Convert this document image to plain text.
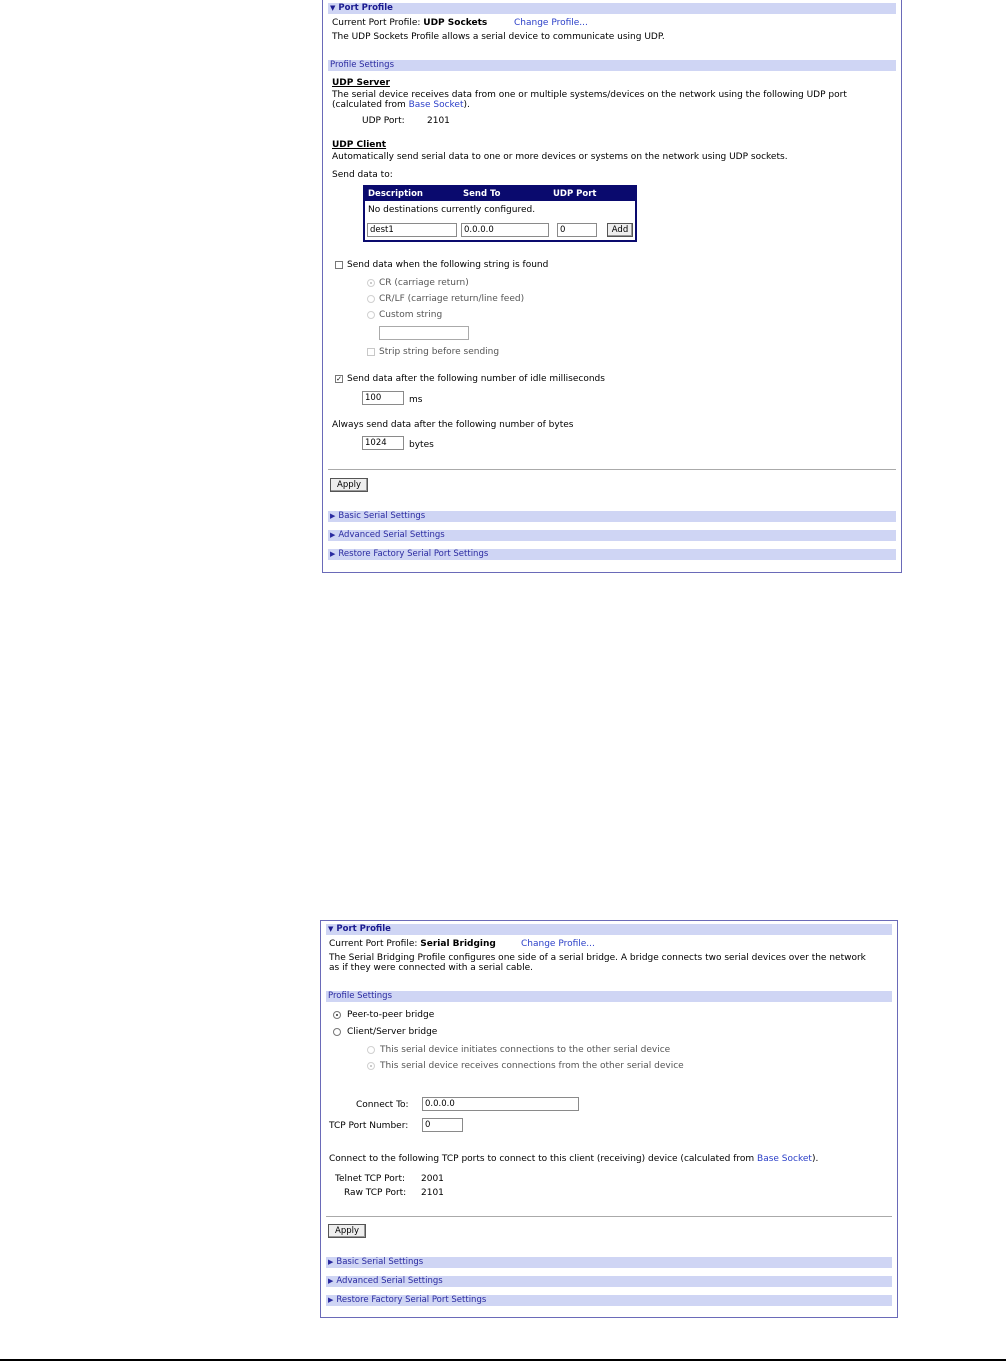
▼ Port Profile
Current Port Profile: UDP Sockets	Change Profile...
The UDP Sockets Profile allows a serial device to communicate using UDP.
Profile Settings
UDP Server
The serial device receives data from one or multiple systems/devices on the network using the following UDP port
(calculated from Base Socket).
UDP Port: 2101
UDP Client
Automatically send serial data to one or more devices or systems on the network using UDP sockets.
Send data to:
Description	Send To	UDP Port
No destinations currently configured.
dest1	0.0.0.0	0	Add
Send data when the following string is found
CR (carriage return)
CR/LF (carriage return/line feed)
Custom string
Strip string before sending
✓ Send data after the following number of idle milliseconds
100	ms
Always send data after the following number of bytes
1024	bytes
Apply
▶ Basic Serial Settings
▶ Advanced Serial Settings
▶ Restore Factory Serial Port Settings
▼ Port Profile
Current Port Profile: Serial Bridging	Change Profile...
The Serial Bridging Profile configures one side of a serial bridge. A bridge connects two serial devices over the network
as if they were connected with a serial cable.
Profile Settings
Peer-to-peer bridge
Client/Server bridge
This serial device initiates connections to the other serial device
This serial device receives connections from the other serial device
Connect To:	0.0.0.0
TCP Port Number:	0
Connect to the following TCP ports to connect to this client (receiving) device (calculated from Base Socket).
Telnet TCP Port: 2001
Raw TCP Port: 2101
Apply
▶ Basic Serial Settings
▶ Advanced Serial Settings
▶ Restore Factory Serial Port Settings
